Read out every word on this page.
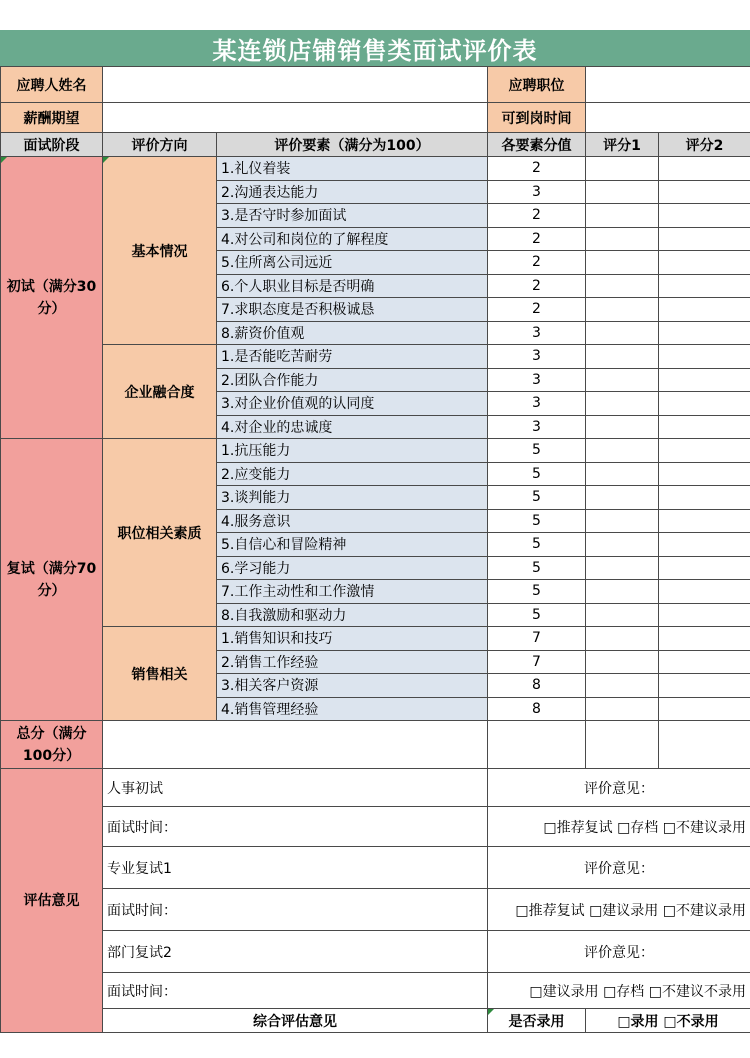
某连锁店铺销售类面试评价表
应聘人姓名			应聘职位		
薪酬期望			可到岗时间		
面试阶段	评价方向	评价要素（满分为100）	各要素分值	评分1	评分2
初试（满分30分）	基本情况	1.礼仪着装	2		
		2.沟通表达能力	3		
		3.是否守时参加面试	2		
		4.对公司和岗位的了解程度	2		
		5.住所离公司远近	2		
		6.个人职业目标是否明确	2		
		7.求职态度是否积极诚恳	2		
		8.薪资价值观	3		
	企业融合度	1.是否能吃苦耐劳	3		
		2.团队合作能力	3		
		3.对企业价值观的认同度	3		
		4.对企业的忠诚度	3		
复试（满分70分）	职位相关素质	1.抗压能力	5		
		2.应变能力	5		
		3.谈判能力	5		
		4.服务意识	5		
		5.自信心和冒险精神	5		
		6.学习能力	5		
		7.工作主动性和工作激情	5		
		8.自我激励和驱动力	5		
	销售相关	1.销售知识和技巧	7		
		2.销售工作经验	7		
		3.相关客户资源	8		
		4.销售管理经验	8		
总分（满分100分）					
评估意见	人事初试		评价意见：		
	面试时间：		□推荐复试 □存档 □不建议录用		
	专业复试1		评价意见：		
	面试时间：		□推荐复试 □建议录用 □不建议录用		
	部门复试2		评价意见：		
	面试时间：		□建议录用 □存档 □不建议不录用		
	综合评估意见		是否录用	□录用 □不录用	
